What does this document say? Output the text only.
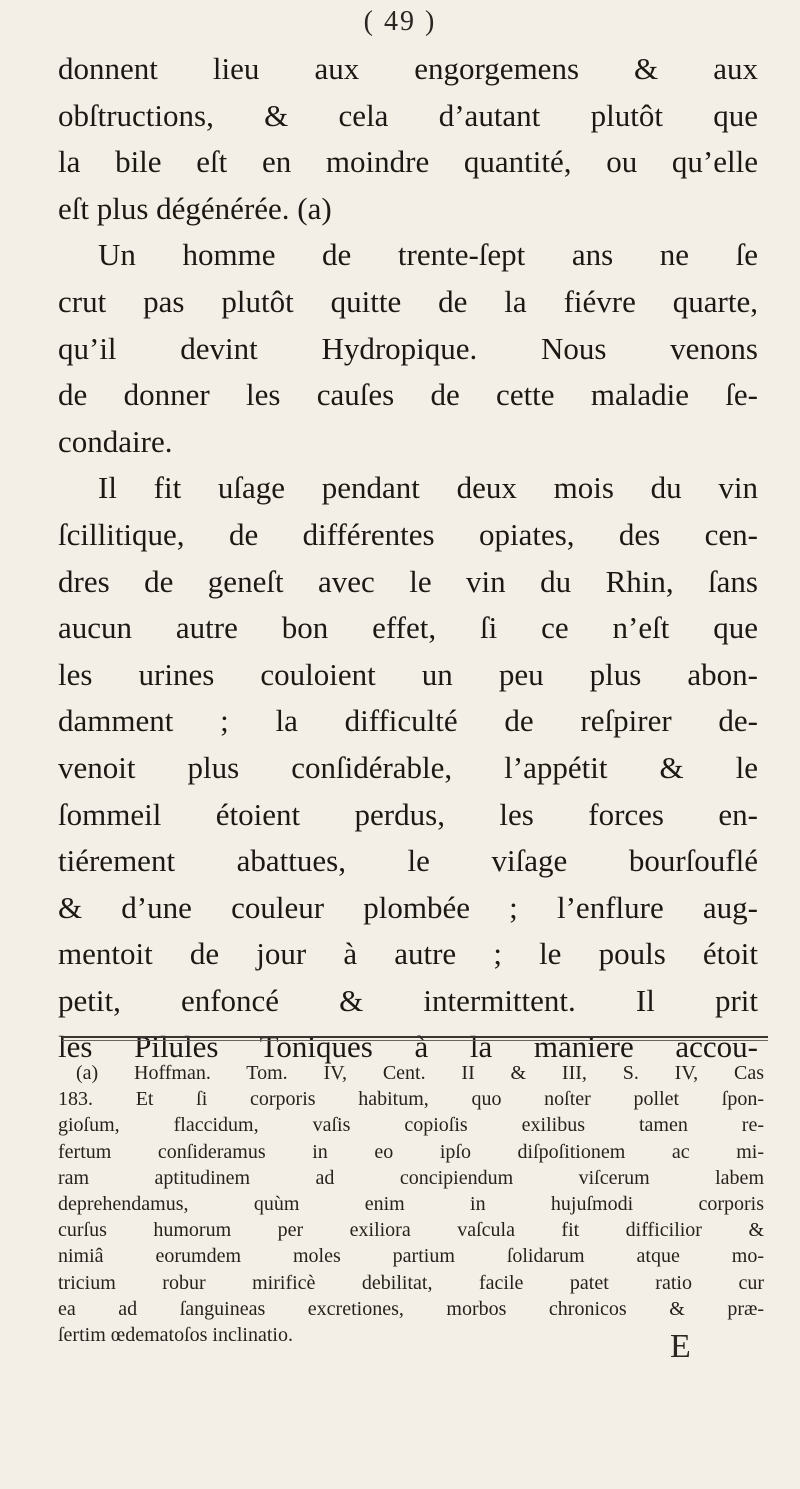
( 49 )
donnent lieu aux engorgemens & aux
obſtructions, & cela d’autant plutôt que
la bile eſt en moindre quantité, ou qu’elle
eſt plus dégénérée. (a)
Un homme de trente-ſept ans ne ſe
crut pas plutôt quitte de la fiévre quarte,
qu’il devint Hydropique. Nous venons
de donner les cauſes de cette maladie ſe-
condaire.
Il fit uſage pendant deux mois du vin
ſcillitique, de différentes opiates, des cen-
dres de geneſt avec le vin du Rhin, ſans
aucun autre bon effet, ſi ce n’eſt que
les urines couloient un peu plus abon-
damment ; la difficulté de reſpirer de-
venoit plus conſidérable, l’appétit & le
ſommeil étoient perdus, les forces en-
tiérement abattues, le viſage bourſouflé
& d’une couleur plombée ; l’enflure aug-
mentoit de jour à autre ; le pouls étoit
petit, enfoncé & intermittent. Il prit
les Pilules Toniques à la maniere accou-
(a) Hoffman. Tom. IV, Cent. II & III, S. IV, Cas
183. Et ſi corporis habitum, quo noſter pollet ſpon-
gioſum, flaccidum, vaſis copioſis exilibus tamen re-
fertum conſideramus in eo ipſo diſpoſitionem ac mi-
ram aptitudinem ad concipiendum viſcerum labem
deprehendamus, quùm enim in hujuſmodi corporis
curſus humorum per exiliora vaſcula fit difficilior &
nimiâ eorumdem moles partium ſolidarum atque mo-
tricium robur mirificè debilitat, facile patet ratio cur
ea ad ſanguineas excretiones, morbos chronicos & præ-
ſertim œdematoſos inclinatio.	E
